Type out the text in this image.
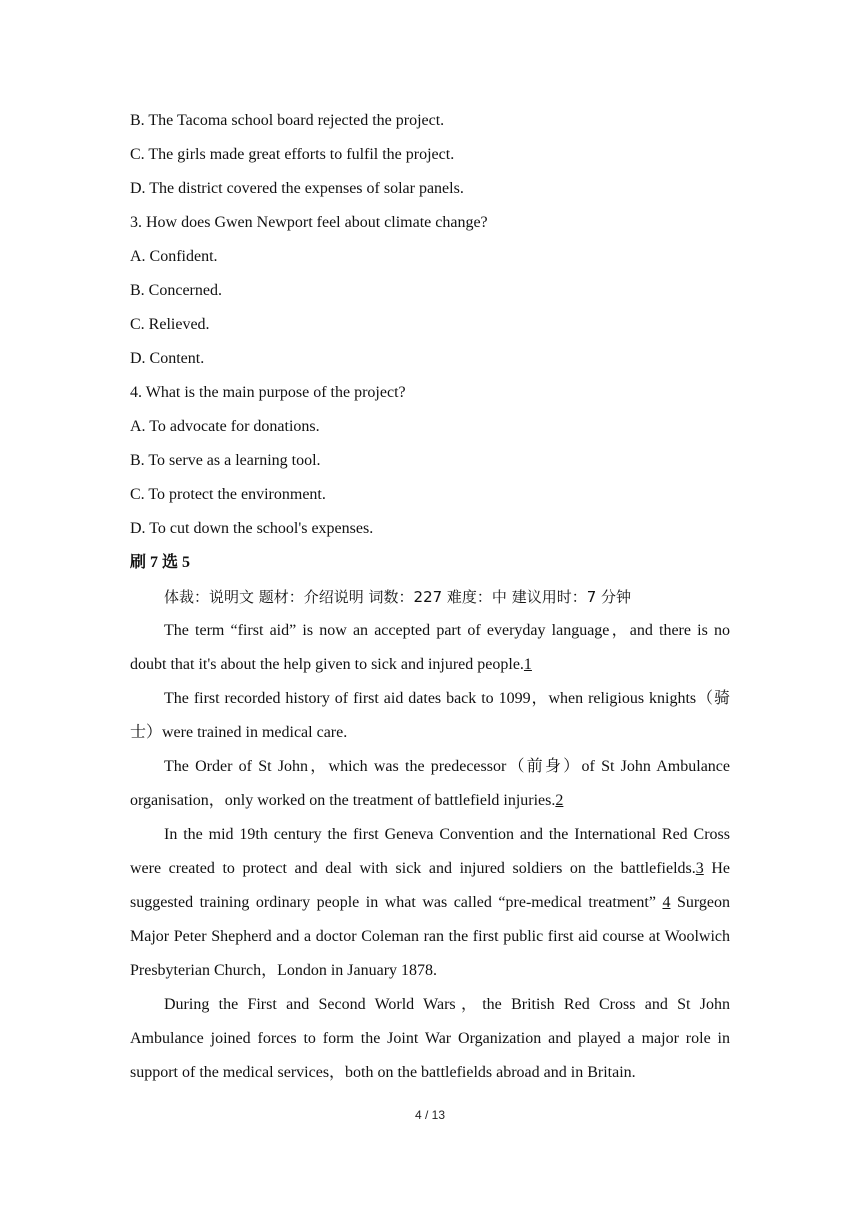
B. The Tacoma school board rejected the project.
C. The girls made great efforts to fulfil the project.
D. The district covered the expenses of solar panels.
3. How does Gwen Newport feel about climate change?
A. Confident.
B. Concerned.
C. Relieved.
D. Content.
4. What is the main purpose of the project?
A. To advocate for donations.
B. To serve as a learning tool.
C. To protect the environment.
D. To cut down the school's expenses.
刷 7 选 5
体裁：说明文 题材：介绍说明 词数：227 难度：中 建议用时：7 分钟
The term “first aid” is now an accepted part of everyday language，and there is no doubt that it's about the help given to sick and injured people.1
The first recorded history of first aid dates back to 1099，when religious knights（骑士）were trained in medical care.
The Order of St John，which was the predecessor（前身）of St John Ambulance organisation，only worked on the treatment of battlefield injuries.2
In the mid 19th century the first Geneva Convention and the International Red Cross were created to protect and deal with sick and injured soldiers on the battlefields.3 He suggested training ordinary people in what was called “pre-medical treatment” 4 Surgeon Major Peter Shepherd and a doctor Coleman ran the first public first aid course at Woolwich Presbyterian Church，London in January 1878.
During the First and Second World Wars，the British Red Cross and St John Ambulance joined forces to form the Joint War Organization and played a major role in support of the medical services，both on the battlefields abroad and in Britain.
4 / 13
